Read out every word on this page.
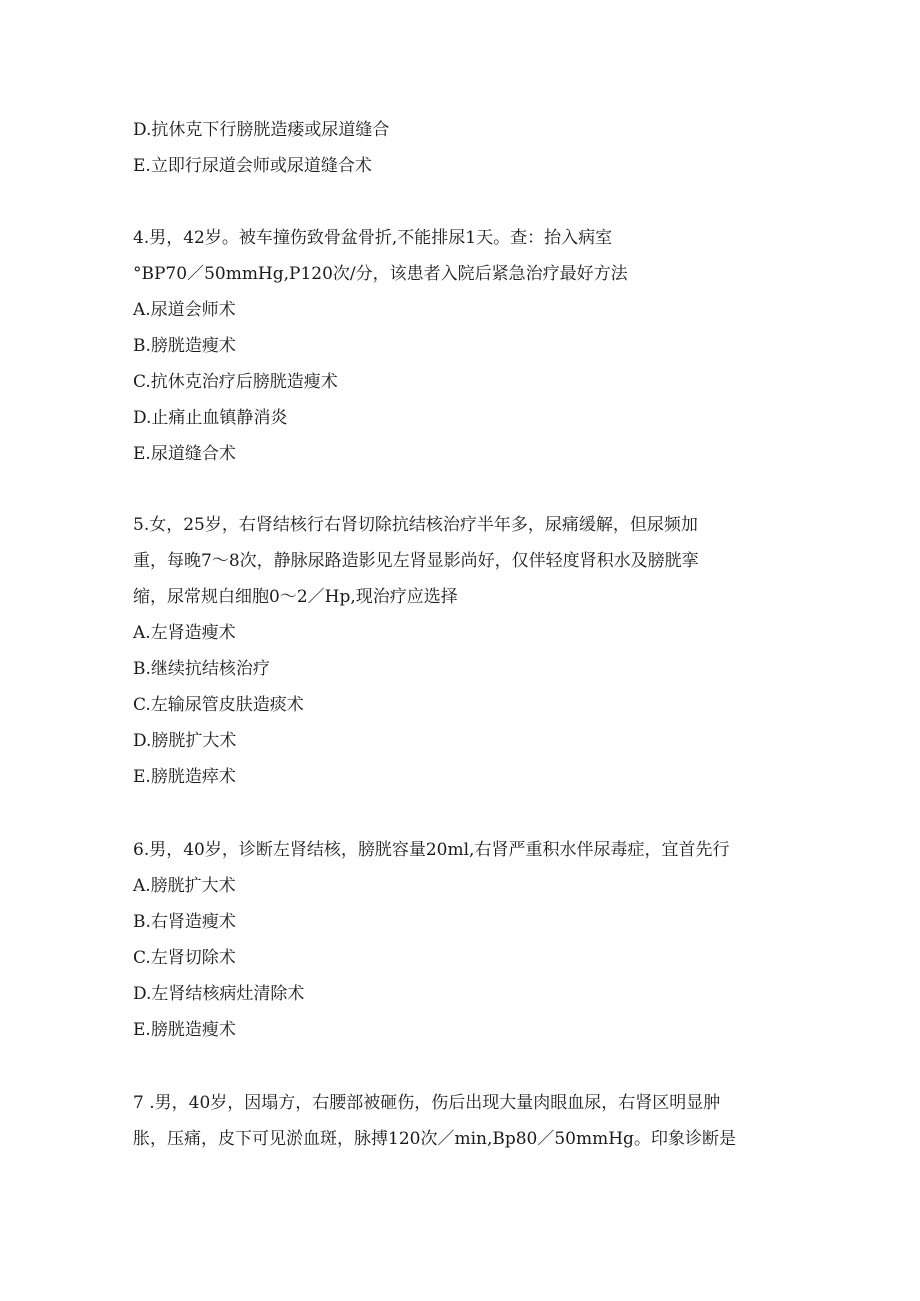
D.抗休克下行膀胱造瘘或尿道缝合
E.立即行尿道会师或尿道缝合术
4.男，42岁。被车撞伤致骨盆骨折,不能排尿1天。查：抬入病室
°BP70／50mmHg,P120次/分，该患者入院后紧急治疗最好方法
A.尿道会师术
B.膀胱造瘦术
C.抗休克治疗后膀胱造瘦术
D.止痛止血镇静消炎
E.尿道缝合术
5.女，25岁，右肾结核行右肾切除抗结核治疗半年多，尿痛缓解，但尿频加
重，每晚7～8次，静脉尿路造影见左肾显影尚好，仅伴轻度肾积水及膀胱挛
缩，尿常规白细胞0～2／Hp,现治疗应选择
A.左肾造瘦术
B.继续抗结核治疗
C.左输尿管皮肤造痰术
D.膀胱扩大术
E.膀胱造瘁术
6.男，40岁，诊断左肾结核，膀胱容量20ml,右肾严重积水伴尿毒症，宜首先行
A.膀胱扩大术
B.右肾造瘦术
C.左肾切除术
D.左肾结核病灶清除术
E.膀胱造瘦术
7 .男，40岁，因塌方，右腰部被砸伤，伤后出现大量肉眼血尿，右肾区明显肿
胀，压痛，皮下可见淤血斑，脉搏120次／min,Bp80／50mmHg。印象诊断是
